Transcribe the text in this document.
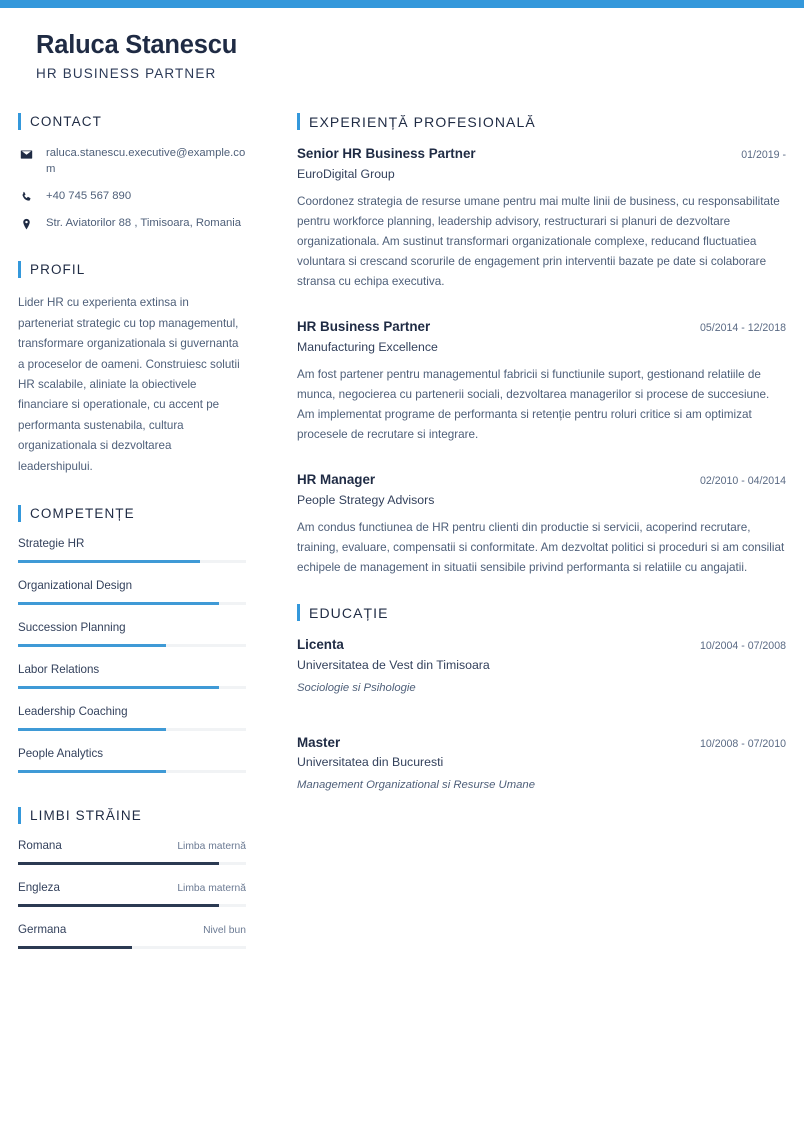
Raluca Stanescu
HR BUSINESS PARTNER
CONTACT
raluca.stanescu.executive@example.com
+40 745 567 890
Str. Aviatorilor 88 , Timisoara, Romania
PROFIL
Lider HR cu experienta extinsa in parteneriat strategic cu top managementul, transformare organizationala si guvernanta a proceselor de oameni. Construiesc solutii HR scalabile, aliniate la obiectivele financiare si operationale, cu accent pe performanta sustenabila, cultura organizationala si dezvoltarea leadershipului.
COMPETENȚE
Strategie HR
Organizational Design
Succession Planning
Labor Relations
Leadership Coaching
People Analytics
LIMBI STRĂINE
Romana	Limba maternă
Engleza	Limba maternă
Germana	Nivel bun
EXPERIENȚĂ PROFESIONALĂ
Senior HR Business Partner	01/2019 -
EuroDigital Group
Coordonez strategia de resurse umane pentru mai multe linii de business, cu responsabilitate pentru workforce planning, leadership advisory, restructurari si planuri de dezvoltare organizationala. Am sustinut transformari organizationale complexe, reducand fluctuatiea voluntara si crescand scorurile de engagement prin interventii bazate pe date si colaborare stransa cu echipa executiva.
HR Business Partner	05/2014 - 12/2018
Manufacturing Excellence
Am fost partener pentru managementul fabricii si functiunile suport, gestionand relatiile de munca, negocierea cu partenerii sociali, dezvoltarea managerilor si procese de succesiune. Am implementat programe de performanta si retenție pentru roluri critice si am optimizat procesele de recrutare si integrare.
HR Manager	02/2010 - 04/2014
People Strategy Advisors
Am condus functiunea de HR pentru clienti din productie si servicii, acoperind recrutare, training, evaluare, compensatii si conformitate. Am dezvoltat politici si proceduri si am consiliat echipele de management in situatii sensibile privind performanta si relatiile cu angajatii.
EDUCAȚIE
Licenta	10/2004 - 07/2008
Universitatea de Vest din Timisoara
Sociologie si Psihologie
Master	10/2008 - 07/2010
Universitatea din Bucuresti
Management Organizational si Resurse Umane
